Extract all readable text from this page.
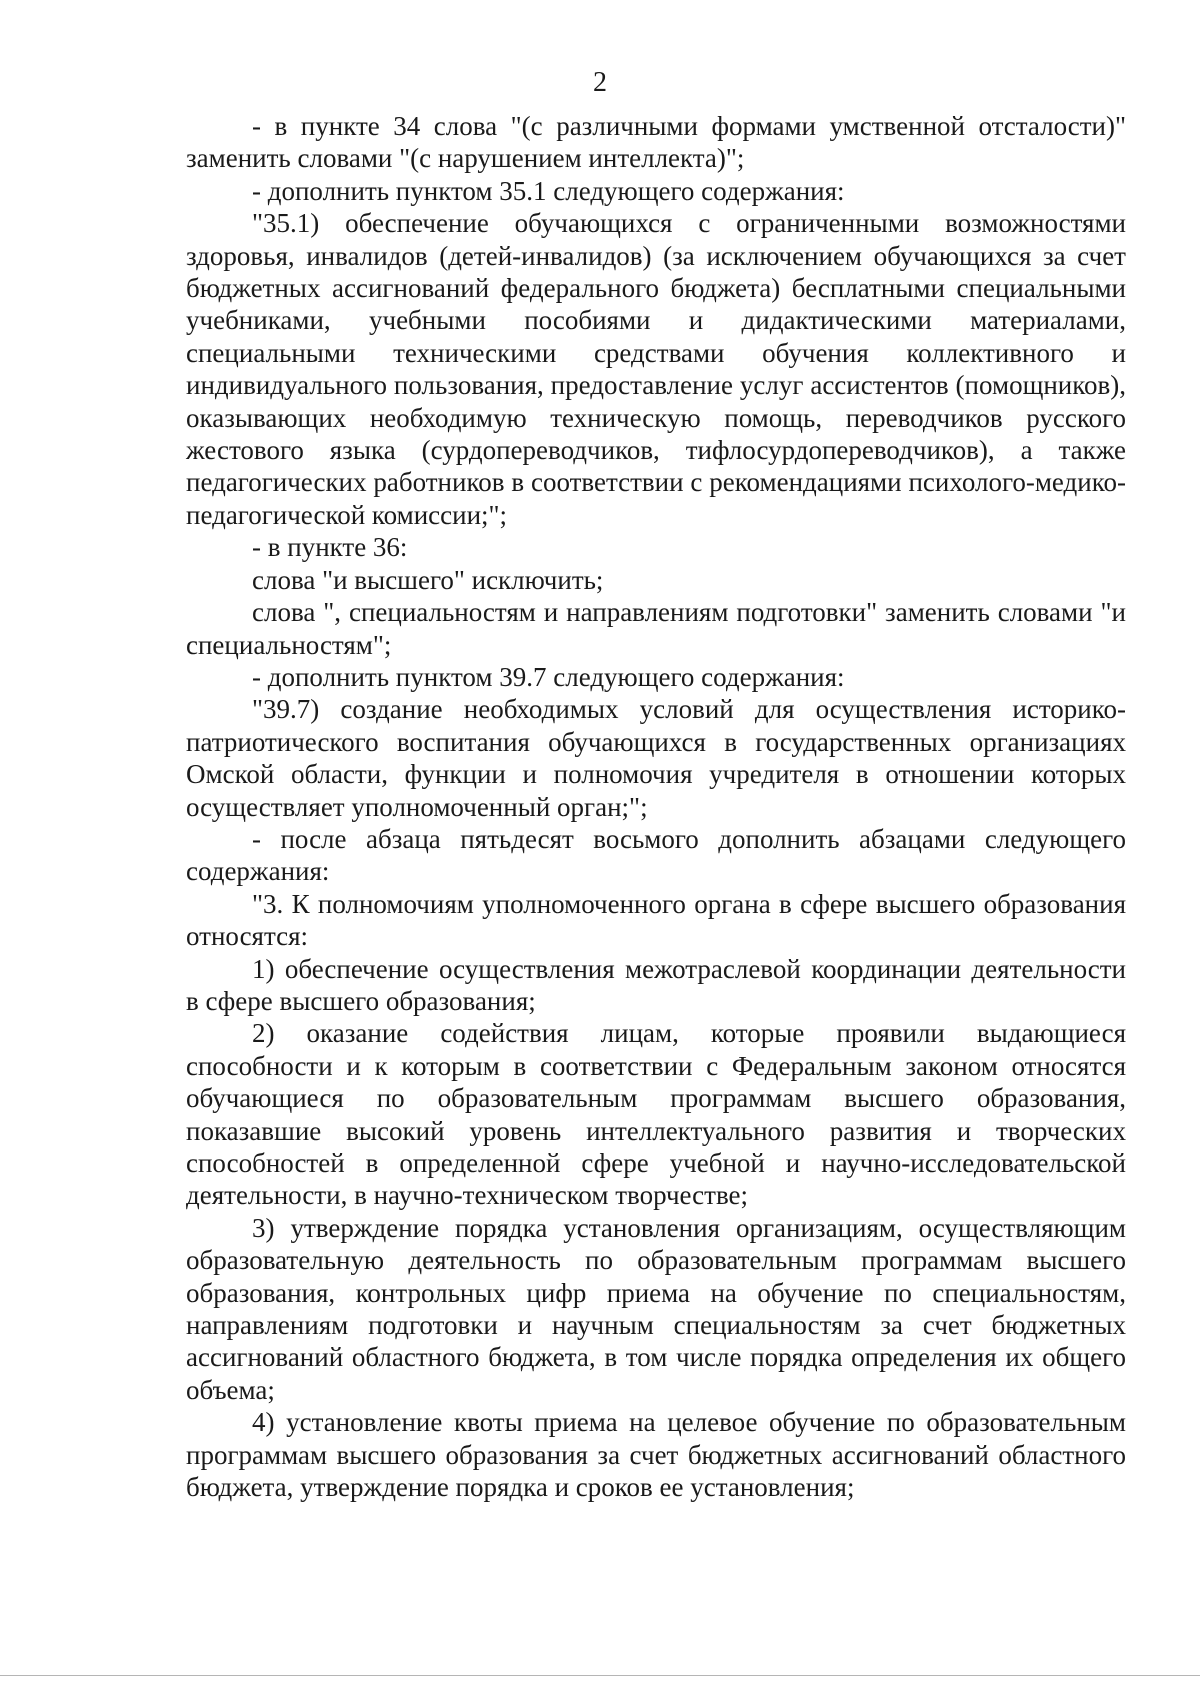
2

- в пункте 34 слова "(с различными формами умственной отсталости)" заменить словами "(с нарушением интеллекта)";

- дополнить пунктом 35.1 следующего содержания:

"35.1) обеспечение обучающихся с ограниченными возможностями здоровья, инвалидов (детей-инвалидов) (за исключением обучающихся за счет бюджетных ассигнований федерального бюджета) бесплатными специальными учебниками, учебными пособиями и дидактическими материалами, специальными техническими средствами обучения коллективного и индивидуального пользования, предоставление услуг ассистентов (помощников), оказывающих необходимую техническую помощь, переводчиков русского жестового языка (сурдопереводчиков, тифлосурдопереводчиков), а также педагогических работников в соответствии с рекомендациями психолого-медико-педагогической комиссии;";

- в пункте 36:

слова "и высшего" исключить;

слова ", специальностям и направлениям подготовки" заменить словами "и специальностям";

- дополнить пунктом 39.7 следующего содержания:

"39.7) создание необходимых условий для осуществления историко-патриотического воспитания обучающихся в государственных организациях Омской области, функции и полномочия учредителя в отношении которых осуществляет уполномоченный орган;";

- после абзаца пятьдесят восьмого дополнить абзацами следующего содержания:

"3. К полномочиям уполномоченного органа в сфере высшего образования относятся:

1) обеспечение осуществления межотраслевой координации деятельности в сфере высшего образования;

2) оказание содействия лицам, которые проявили выдающиеся способности и к которым в соответствии с Федеральным законом относятся обучающиеся по образовательным программам высшего образования, показавшие высокий уровень интеллектуального развития и творческих способностей в определенной сфере учебной и научно-исследовательской деятельности, в научно-техническом творчестве;

3) утверждение порядка установления организациям, осуществляющим образовательную деятельность по образовательным программам высшего образования, контрольных цифр приема на обучение по специальностям, направлениям подготовки и научным специальностям за счет бюджетных ассигнований областного бюджета, в том числе порядка определения их общего объема;

4) установление квоты приема на целевое обучение по образовательным программам высшего образования за счет бюджетных ассигнований областного бюджета, утверждение порядка и сроков ее установления;
